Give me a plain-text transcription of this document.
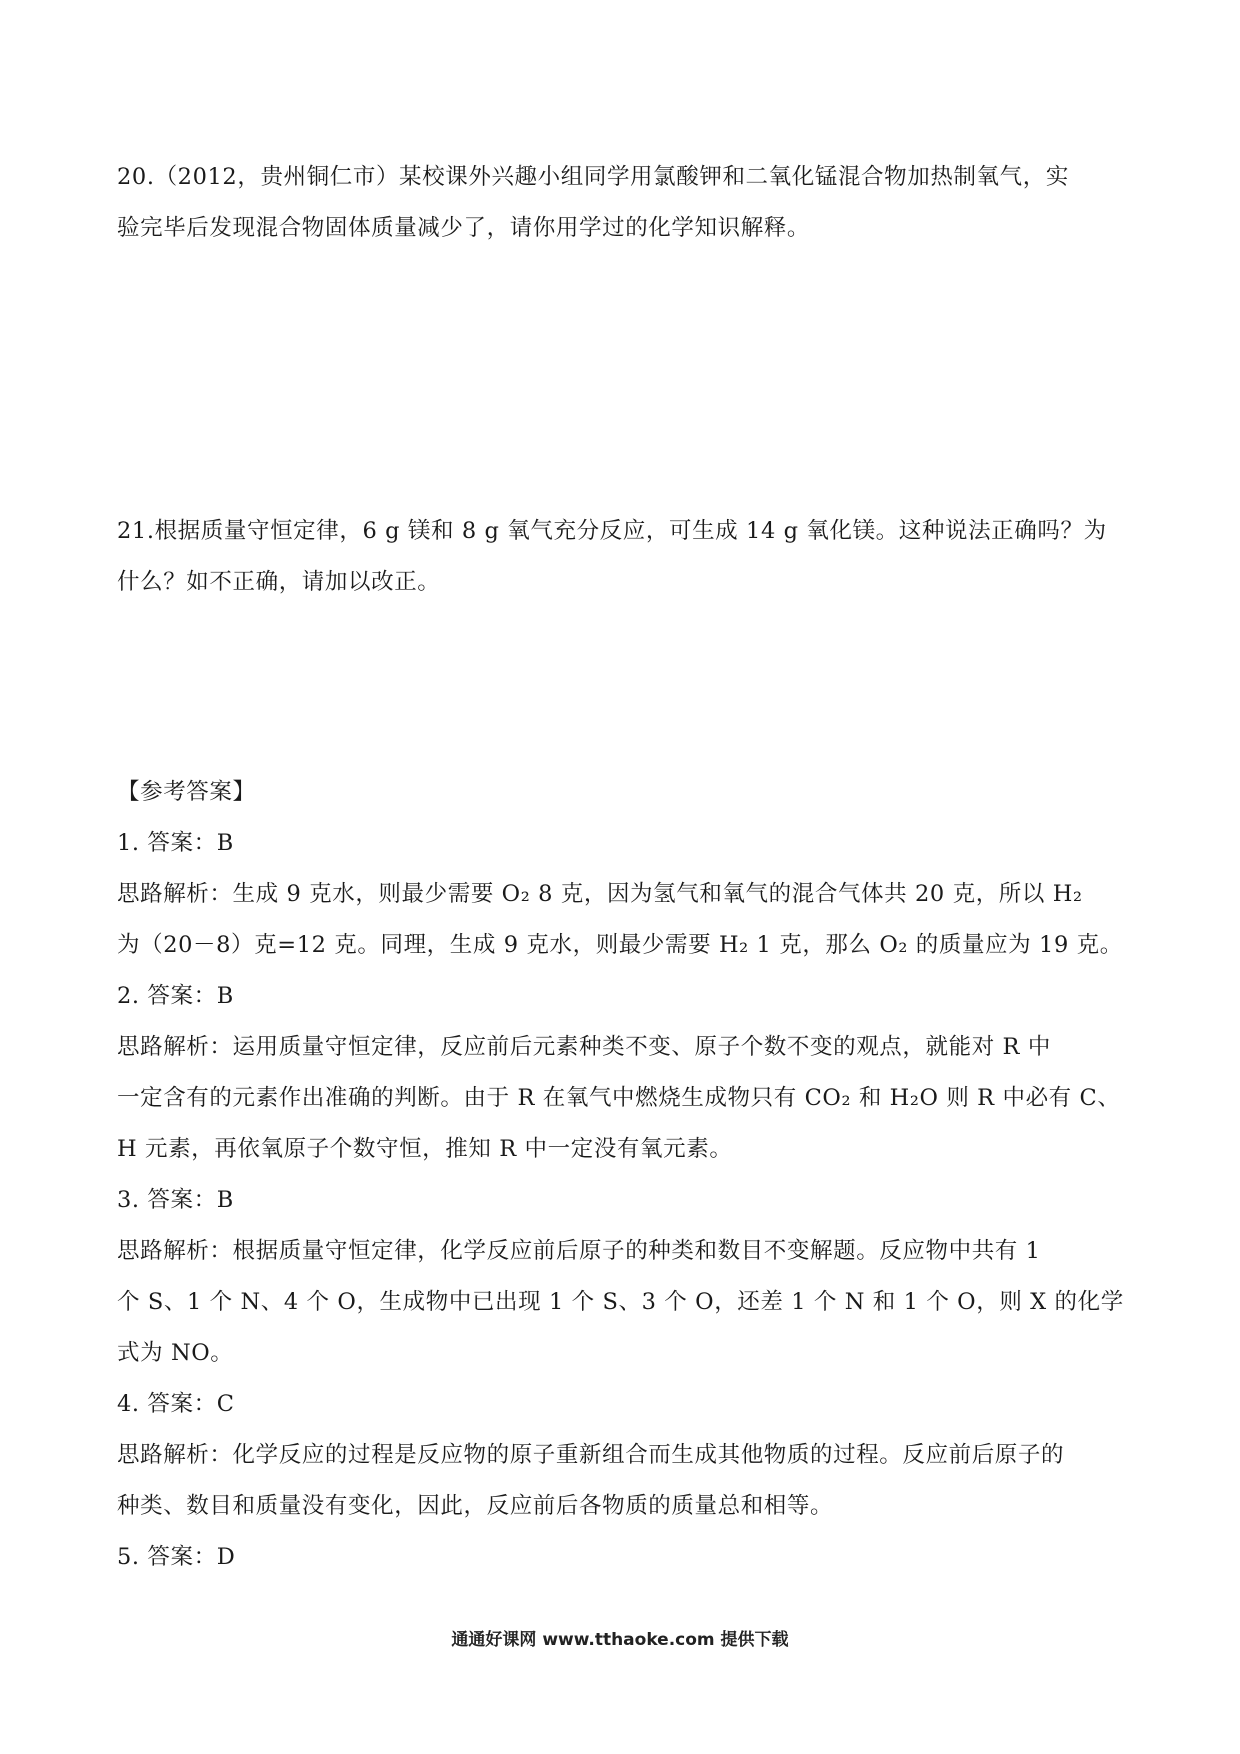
20.（2012，贵州铜仁市）某校课外兴趣小组同学用氯酸钾和二氧化锰混合物加热制氧气，实

验完毕后发现混合物固体质量减少了，请你用学过的化学知识解释。

21.根据质量守恒定律，6 g 镁和 8 g 氧气充分反应，可生成 14 g 氧化镁。这种说法正确吗？为

什么？如不正确，请加以改正。

【参考答案】

1. 答案：B

思路解析：生成 9 克水，则最少需要 O₂ 8 克，因为氢气和氧气的混合气体共 20 克，所以 H₂

为（20－8）克=12 克。同理，生成 9 克水，则最少需要 H₂ 1 克，那么 O₂ 的质量应为 19 克。

2. 答案：B

思路解析：运用质量守恒定律，反应前后元素种类不变、原子个数不变的观点，就能对 R 中

一定含有的元素作出准确的判断。由于 R 在氧气中燃烧生成物只有 CO₂ 和 H₂O 则 R 中必有 C、

H 元素，再依氧原子个数守恒，推知 R 中一定没有氧元素。

3. 答案：B

思路解析：根据质量守恒定律，化学反应前后原子的种类和数目不变解题。反应物中共有 1

个 S、1 个 N、4 个 O，生成物中已出现 1 个 S、3 个 O，还差 1 个 N 和 1 个 O，则 X 的化学

式为 NO。

4. 答案：C

思路解析：化学反应的过程是反应物的原子重新组合而生成其他物质的过程。反应前后原子的

种类、数目和质量没有变化，因此，反应前后各物质的质量总和相等。

5. 答案：D

通通好课网 www.tthaoke.com 提供下载
